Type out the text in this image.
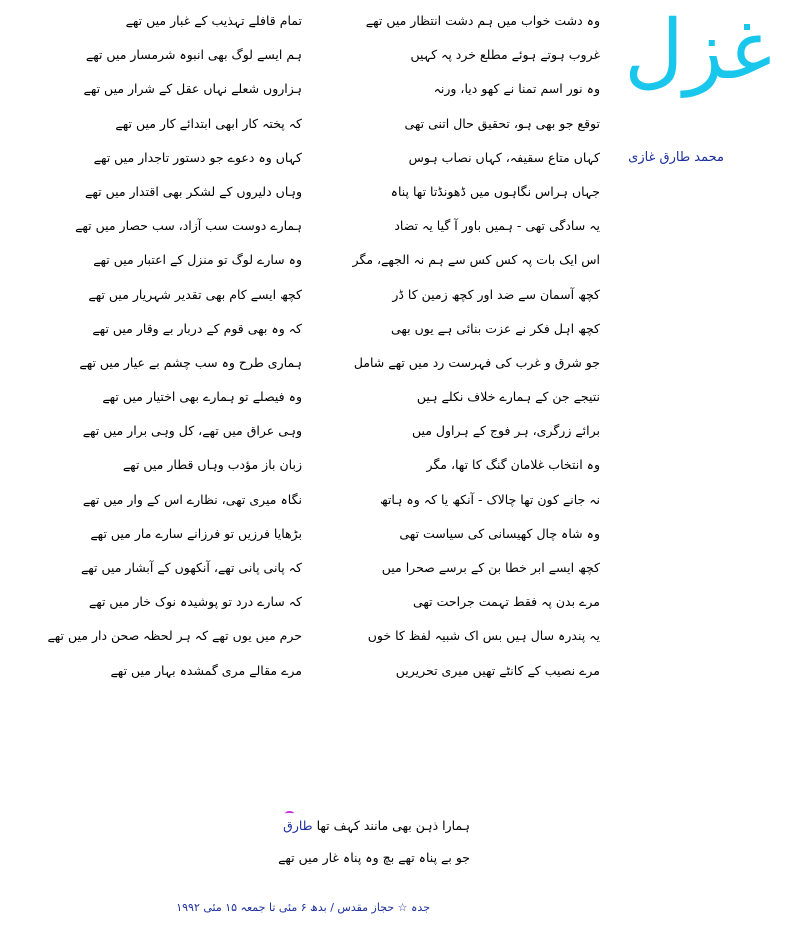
غزل
محمد طارق غازی
وہ دشت خواب میں ہم دشت انتظار میں تھے
تمام قافلے تہذیب کے غبار میں تھے
غروب ہوتے ہوئے مطلع خرد پہ کہیں
ہم ایسے لوگ بھی انبوہ شرمسار میں تھے
وہ نور اسم تمنا نے کھو دیا، ورنہ
ہزاروں شعلے نہاں عقل کے شرار میں تھے
توقع جو بھی ہو، تحقیق حال اتنی تھی
کہ پختہ کار ابھی ابتدائے کار میں تھے
کہاں متاع سقیفہ، کہاں نصاب ہوس
کہاں وہ دعوے جو دستور تاجدار میں تھے
جہاں ہراس نگاہوں میں ڈھونڈتا تھا پناہ
وہاں دلیروں کے لشکر بھی اقتدار میں تھے
یہ سادگی تھی - ہمیں باور آ گیا یہ تضاد
ہمارے دوست سب آزاد، سب حصار میں تھے
اس ایک بات پہ کس کس سے ہم نہ الجھے، مگر
وہ سارے لوگ تو منزل کے اعتبار میں تھے
کچھ آسمان سے ضد اور کچھ زمین کا ڈر
کچھ ایسے کام بھی تقدیر شہریار میں تھے
کچھ اہل فکر نے عزت بنائی ہے یوں بھی
کہ وہ بھی قوم کے دربار بے وقار میں تھے
جو شرق و غرب کی فہرست رد میں تھے شامل
ہماری طرح وہ سب چشم بے عیار میں تھے
نتیجے جن کے ہمارے خلاف نکلے ہیں
وہ فیصلے تو ہمارے بھی اختیار میں تھے
برائے زرگری، ہر فوج کے ہراول میں
وہی عراق میں تھے، کل وہی برار میں تھے
وہ انتخاب غلامان گنگ کا تھا، مگر
زبان باز مؤدب وہاں قطار میں تھے
نہ جانے کون تھا چالاک - آنکھ یا کہ وہ ہاتھ
نگاہ میری تھی، نظارے اس کے وار میں تھے
وہ شاہ چال کھیسانی کی سیاست تھی
بڑھایا فرزیں تو فرزانے سارے مار میں تھے
کچھ ایسے ابر خطا بن کے برسے صحرا میں
کہ پانی پانی تھے، آنکھوں کے آبشار میں تھے
مرے بدن پہ فقط تہمت جراحت تھی
کہ سارے درد تو پوشیدہ نوک خار میں تھے
یہ پندرہ سال ہیں بس اک شبیہ لفظ کا خوں
حرم میں یوں تھے کہ ہر لحظہ صحن دار میں تھے
مرے نصیب کے کانٹے تھیں میری تحریریں
مرے مقالے مری گمشدہ بہار میں تھے
ہمارا ذہن بھی مانند کہف تھا طارق
جو بے پناہ تھے بچ وہ پناہ غار میں تھے
جدہ ☆ حجاز مقدس / بدھ ۶ مئی تا جمعہ ۱۵ مئی ۱۹۹۲
